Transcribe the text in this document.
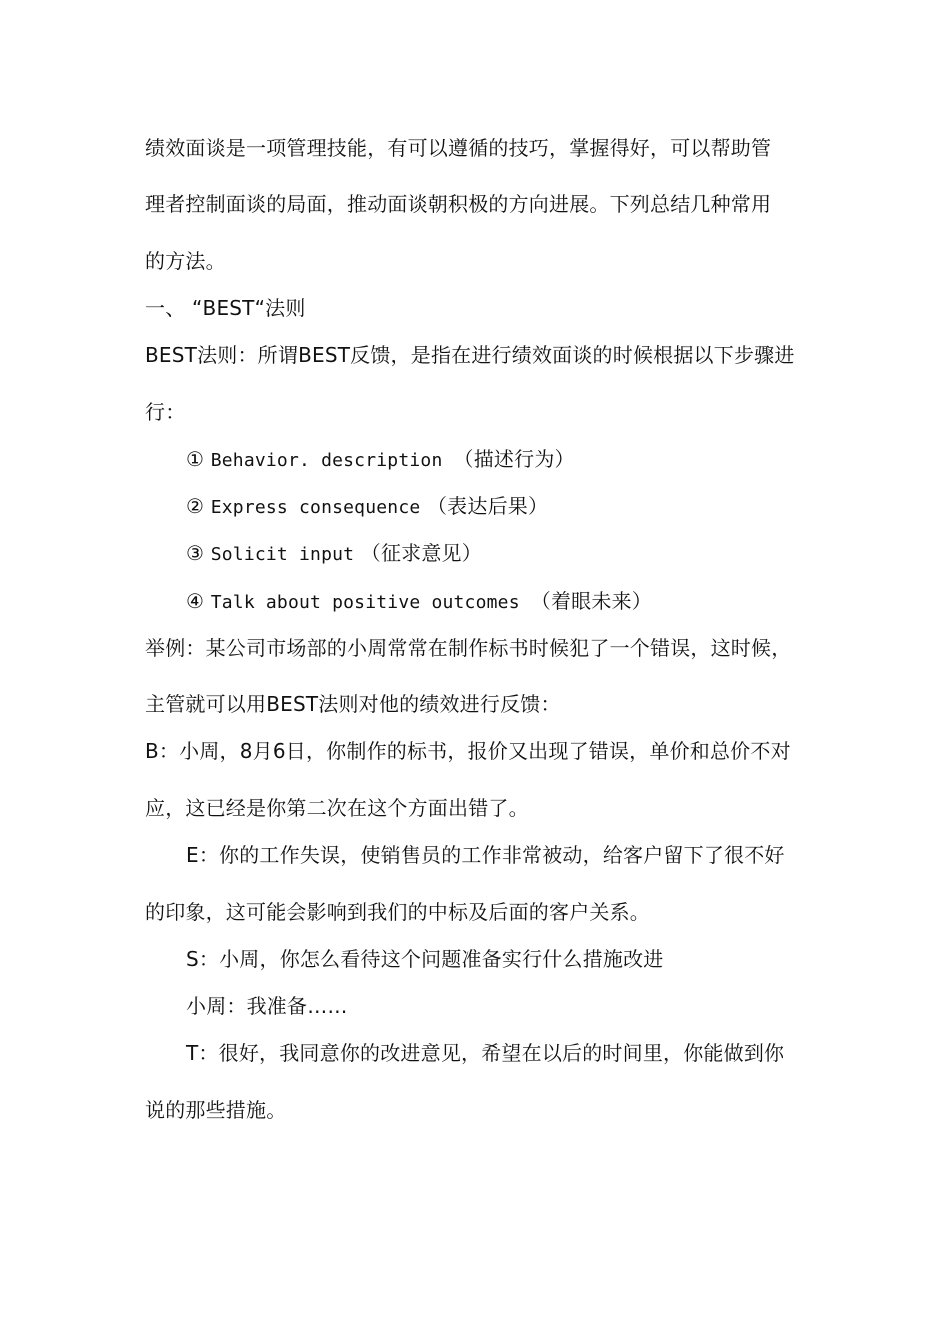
绩效面谈是一项管理技能，有可以遵循的技巧，掌握得好，可以帮助管
理者控制面谈的局面，推动面谈朝积极的方向进展。下列总结几种常用
的方法。
一、 “BEST“法则
BEST法则：所谓BEST反馈，是指在进行绩效面谈的时候根据以下步骤进
行：
① Behavior. description （描述行为）
② Express consequence （表达后果）
③ Solicit input （征求意见）
④ Talk about positive outcomes （着眼未来）
举例：某公司市场部的小周常常在制作标书时候犯了一个错误，这时候，
主管就可以用BEST法则对他的绩效进行反馈：
B：小周，8月6日，你制作的标书，报价又出现了错误，单价和总价不对
应，这已经是你第二次在这个方面出错了。
E：你的工作失误，使销售员的工作非常被动，给客户留下了很不好
的印象，这可能会影响到我们的中标及后面的客户关系。
S：小周，你怎么看待这个问题准备实行什么措施改进
小周：我准备……
T：很好，我同意你的改进意见，希望在以后的时间里，你能做到你
说的那些措施。
